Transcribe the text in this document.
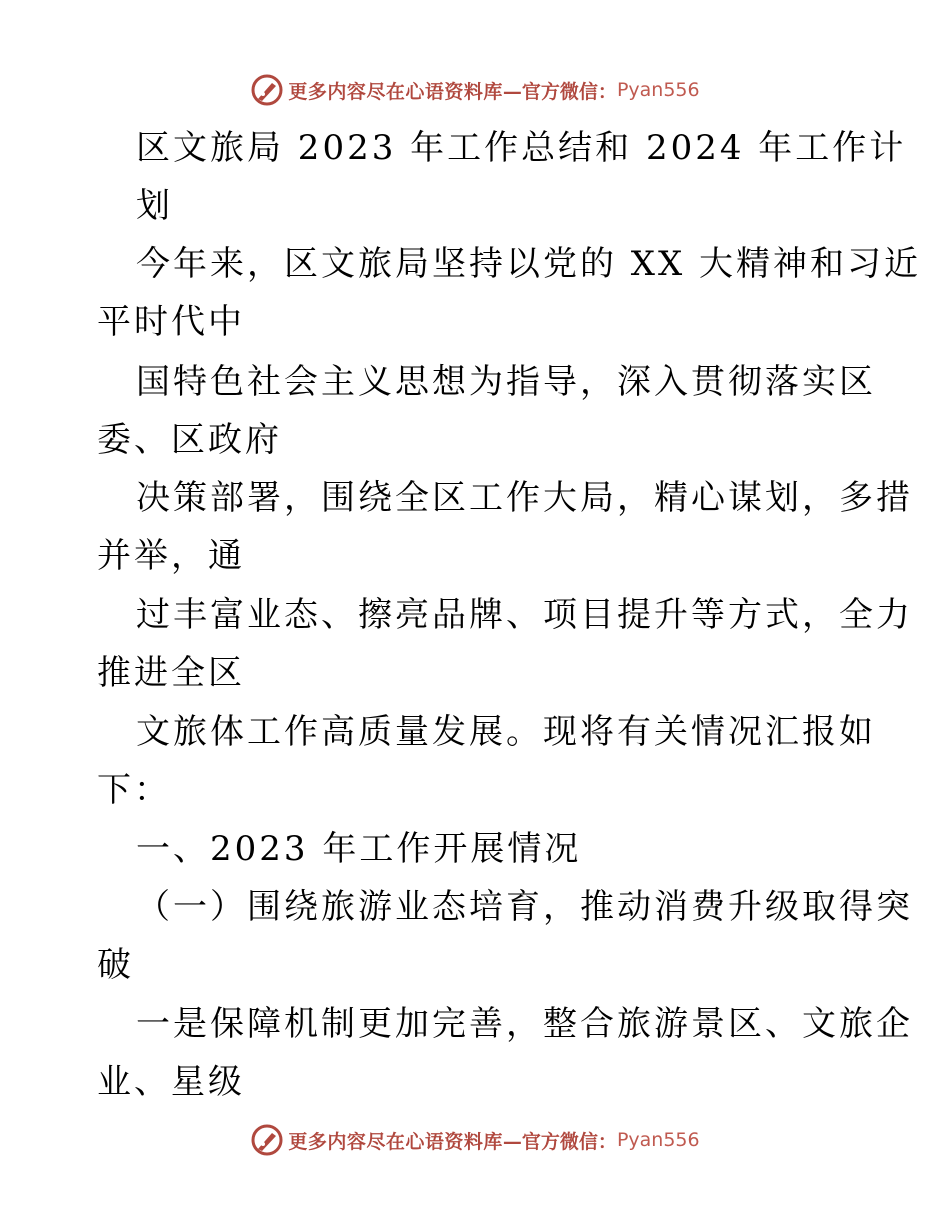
更多内容尽在心语资料库 —官方微信： Pyan556
区文旅局 2023 年工作总结和 2024 年工作计
划
今年来，区文旅局坚持以党的 XX 大精神和习近
平时代中
国特色社会主义思想为指导，深入贯彻落实区
委、区政府
决策部署，围绕全区工作大局，精心谋划，多措
并举，通
过丰富业态、擦亮品牌、项目提升等方式，全力
推进全区
文旅体工作高质量发展。现将有关情况汇报如
下：
一、2023 年工作开展情况
（一）围绕旅游业态培育，推动消费升级取得突
破
一是保障机制更加完善，整合旅游景区、文旅企
业、星级
更多内容尽在心语资料库 —官方微信： Pyan556
